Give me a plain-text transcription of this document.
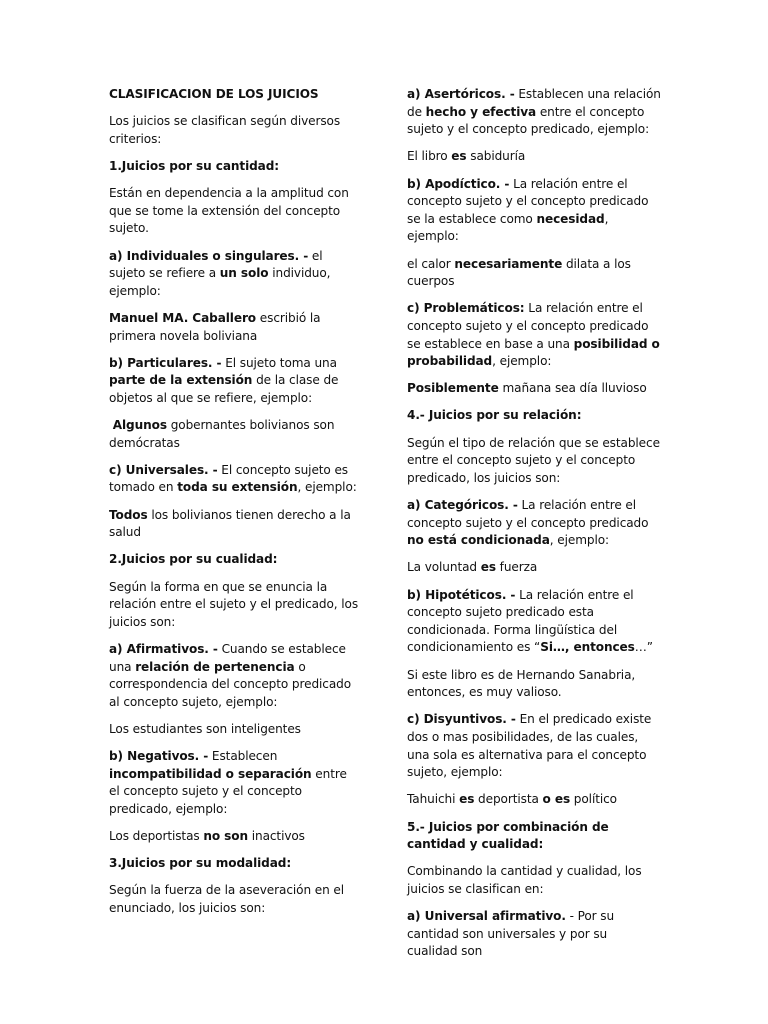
CLASIFICACION DE LOS JUICIOS

Los juicios se clasifican según diversos criterios:

1.Juicios por su cantidad:

Están en dependencia a la amplitud con que se tome la extensión del concepto sujeto.

a) Individuales o singulares. - el sujeto se refiere a un solo individuo, ejemplo:

Manuel MA. Caballero escribió la primera novela boliviana

b) Particulares. - El sujeto toma una parte de la extensión de la clase de objetos al que se refiere, ejemplo:

Algunos gobernantes bolivianos son demócratas

c) Universales. - El concepto sujeto es tomado en toda su extensión, ejemplo:

Todos los bolivianos tienen derecho a la salud

2.Juicios por su cualidad:

Según la forma en que se enuncia la relación entre el sujeto y el predicado, los juicios son:

a) Afirmativos. - Cuando se establece una relación de pertenencia o correspondencia del concepto predicado al concepto sujeto, ejemplo:

Los estudiantes son inteligentes

b) Negativos. - Establecen incompatibilidad o separación entre el concepto sujeto y el concepto predicado, ejemplo:

Los deportistas no son inactivos

3.Juicios por su modalidad:

Según la fuerza de la aseveración en el enunciado, los juicios son:

a) Asertóricos. - Establecen una relación de hecho y efectiva entre el concepto sujeto y el concepto predicado, ejemplo:

El libro es sabiduría

b) Apodíctico. - La relación entre el concepto sujeto y el concepto predicado se la establece como necesidad, ejemplo:

el calor necesariamente dilata a los cuerpos

c) Problemáticos: La relación entre el concepto sujeto y el concepto predicado se establece en base a una posibilidad o probabilidad, ejemplo:

Posiblemente mañana sea día lluvioso

4.- Juicios por su relación:

Según el tipo de relación que se establece entre el concepto sujeto y el concepto predicado, los juicios son:

a) Categóricos. - La relación entre el concepto sujeto y el concepto predicado no está condicionada, ejemplo:

La voluntad es fuerza

b) Hipotéticos. - La relación entre el concepto sujeto predicado esta condicionada. Forma lingüística del condicionamiento es “Si…, entonces…”

Si este libro es de Hernando Sanabria, entonces, es muy valioso.

c) Disyuntivos. - En el predicado existe dos o mas posibilidades, de las cuales, una sola es alternativa para el concepto sujeto, ejemplo:

Tahuichi es deportista o es político

5.- Juicios por combinación de cantidad y cualidad:

Combinando la cantidad y cualidad, los juicios se clasifican en:

a) Universal afirmativo. - Por su cantidad son universales y por su cualidad son
